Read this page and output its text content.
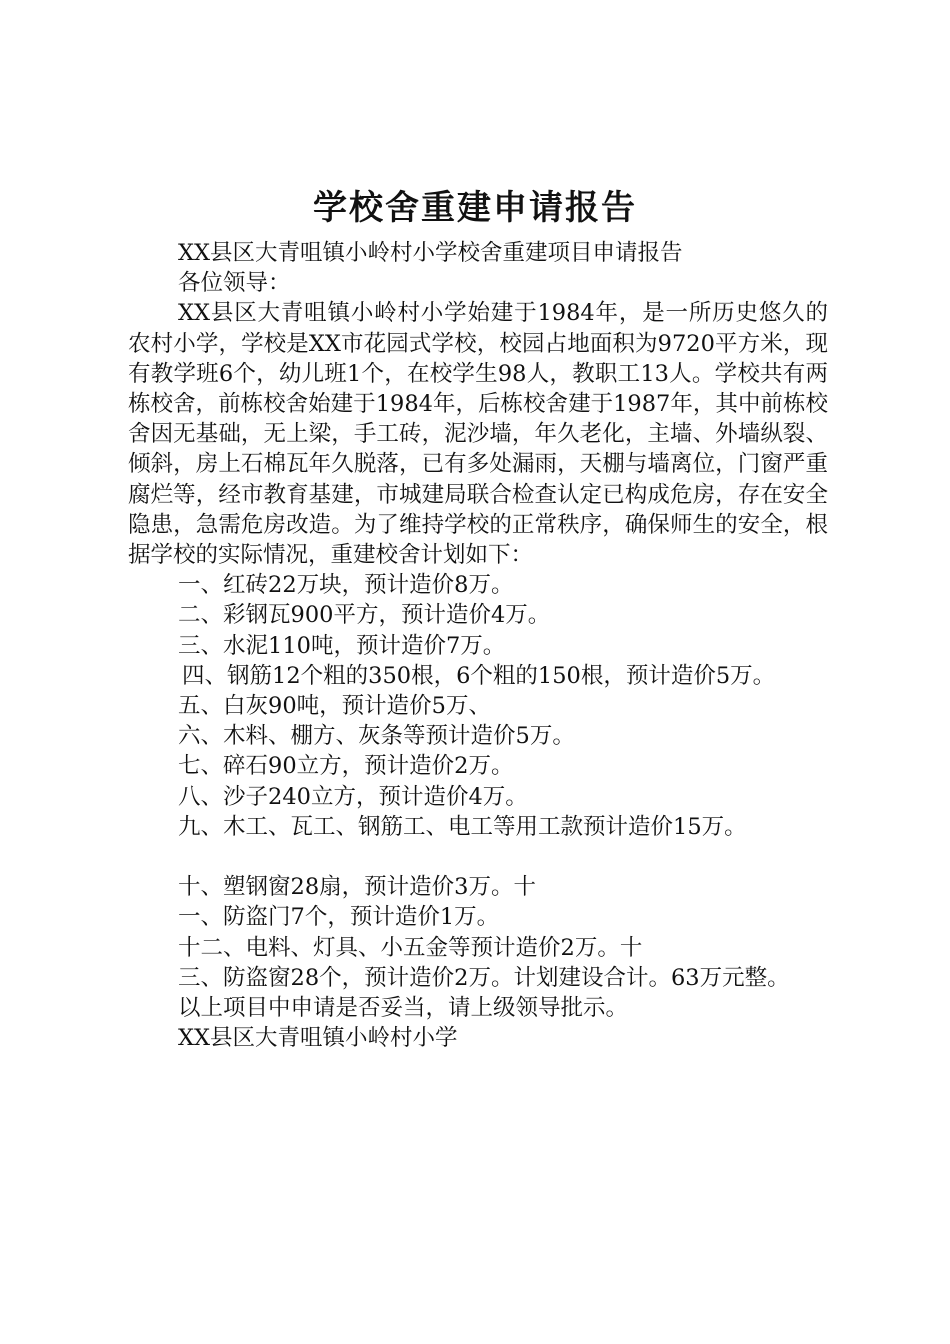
学校舍重建申请报告

XX县区大青咀镇小岭村小学校舍重建项目申请报告

各位领导：

XX县区大青咀镇小岭村小学始建于1984年，是一所历史悠久的农村小学，学校是XX市花园式学校，校园占地面积为9720平方米，现有教学班6个，幼儿班1个，在校学生98人，教职工13人。学校共有两栋校舍，前栋校舍始建于1984年，后栋校舍建于1987年，其中前栋校舍因无基础，无上梁，手工砖，泥沙墙，年久老化，主墙、外墙纵裂、倾斜，房上石棉瓦年久脱落，已有多处漏雨，天棚与墙离位，门窗严重腐烂等，经市教育基建，市城建局联合检查认定已构成危房，存在安全隐患，急需危房改造。为了维持学校的正常秩序，确保师生的安全，根据学校的实际情况，重建校舍计划如下：

一、红砖22万块，预计造价8万。

二、彩钢瓦900平方，预计造价4万。

三、水泥110吨，预计造价7万。

四、钢筋12个粗的350根，6个粗的150根，预计造价5万。

五、白灰90吨，预计造价5万、

六、木料、棚方、灰条等预计造价5万。

七、碎石90立方，预计造价2万。

八、沙子240立方，预计造价4万。

九、木工、瓦工、钢筋工、电工等用工款预计造价15万。

十、塑钢窗28扇，预计造价3万。十

一、防盗门7个，预计造价1万。

十二、电料、灯具、小五金等预计造价2万。十

三、防盗窗28个，预计造价2万。计划建设合计。63万元整。

以上项目中申请是否妥当，请上级领导批示。

XX县区大青咀镇小岭村小学
